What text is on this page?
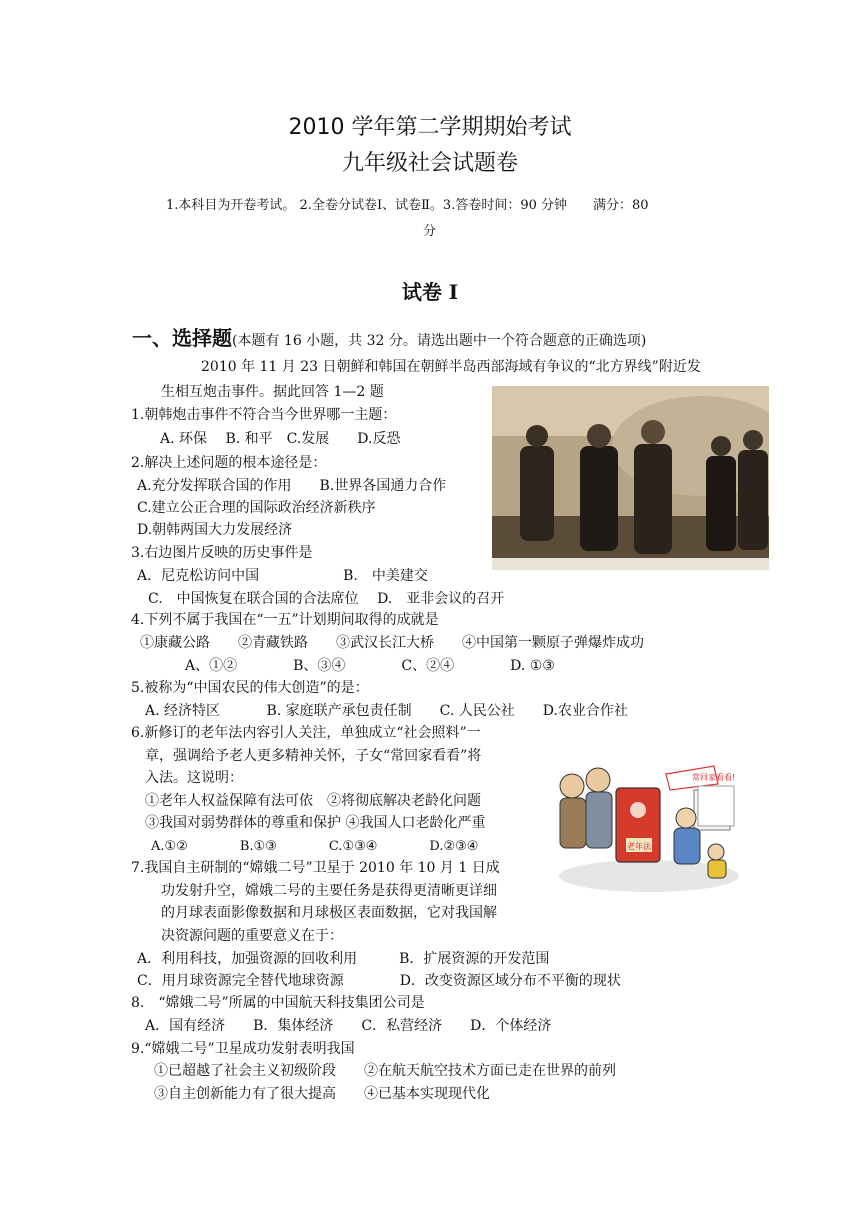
2010 学年第二学期期始考试
九年级社会试题卷
1.本科目为开卷考试。 2.全卷分试卷Ⅰ、试卷Ⅱ。3.答卷时间：90 分钟　　满分：80
分
试卷 I
一、选择题(本题有 16 小题，共 32 分。请选出题中一个符合题意的正确选项)
2010 年 11 月 23 日朝鲜和韩国在朝鲜半岛西部海域有争议的“北方界线”附近发
生相互炮击事件。据此回答 1—2 题
1.朝韩炮击事件不符合当今世界哪一主题：
A. 环保　 B. 和平　C.发展　　D.反恐
2.解决上述问题的根本途径是：
A.充分发挥联合国的作用　　B.世界各国通力合作
C.建立公正合理的国际政治经济新秩序
D.朝韩两国大力发展经济
3.右边图片反映的历史事件是
A．尼克松访问中国　　　　　　B.　中美建交
C.　中国恢复在联合国的合法席位　 D.　亚非会议的召开
4.下列不属于我国在“一五”计划期间取得的成就是
①康藏公路　　②青藏铁路　　③武汉长江大桥　　④中国第一颗原子弹爆炸成功
A、①②　　　　B、③④　　　　C、②④　　　　D. ①③
5.被称为“中国农民的伟大创造”的是：
A. 经济特区　　　 B. 家庭联产承包责任制　　C. 人民公社　　D.农业合作社
6.新修订的老年法内容引人关注，单独成立“社会照料”一
章，强调给予老人更多精神关怀，子女“常回家看看”将
入法。这说明：
①老年人权益保障有法可依　②将彻底解决老龄化问题
③我国对弱势群体的尊重和保护 ④我国人口老龄化严重
A.①②　　　　B.①③　　　　C.①③④　　　　D.②③④
7.我国自主研制的“嫦娥二号”卫星于 2010 年 10 月 1 日成
功发射升空，嫦娥二号的主要任务是获得更清晰更详细
的月球表面影像数据和月球极区表面数据，它对我国解
决资源问题的重要意义在于：
A．利用科技，加强资源的回收利用　　　B．扩展资源的开发范围
C．用月球资源完全替代地球资源　　　　D．改变资源区域分布不平衡的现状
8.　“嫦娥二号”所属的中国航天科技集团公司是
A．国有经济　　B．集体经济　　C．私营经济　　D．个体经济
9.“嫦娥二号”卫星成功发射表明我国
①已超越了社会主义初级阶段　　②在航天航空技术方面已走在世界的前列
③自主创新能力有了很大提高　　④已基本实现现代化
常回家看看!
老年法
